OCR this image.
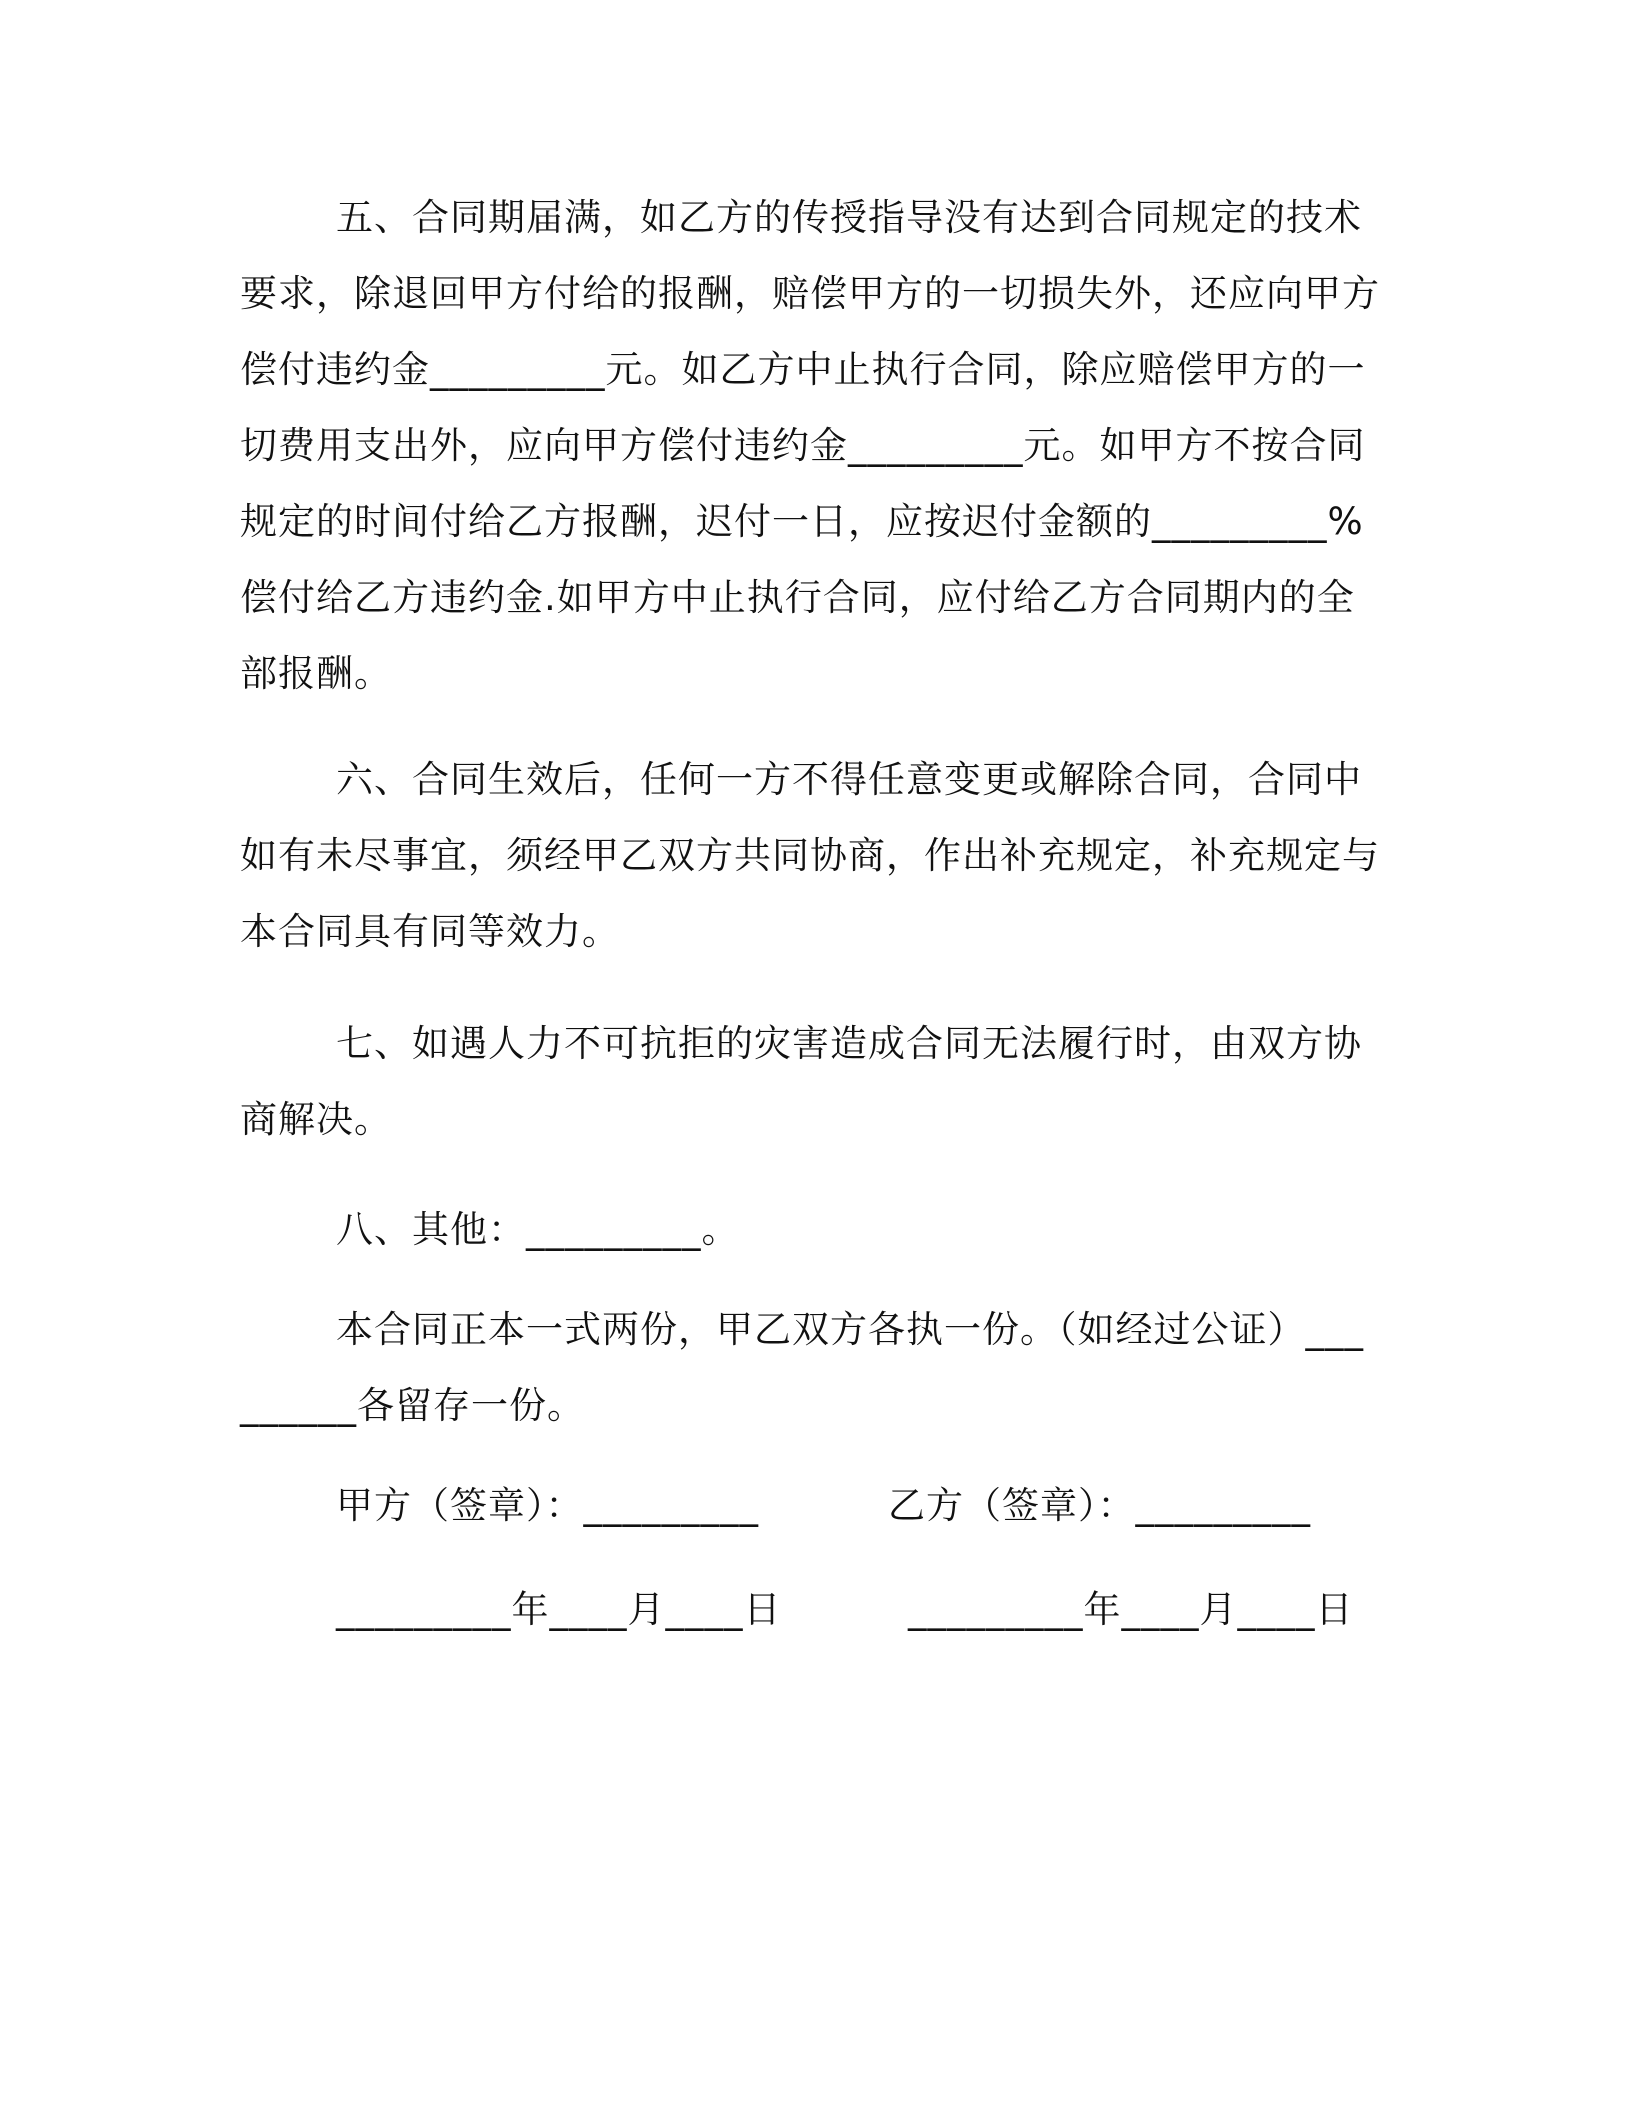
五、合同期届满，如乙方的传授指导没有达到合同规定的技术要求，除退回甲方付给的报酬，赔偿甲方的一切损失外，还应向甲方偿付违约金_________元。如乙方中止执行合同，除应赔偿甲方的一切费用支出外，应向甲方偿付违约金_________元。如甲方不按合同规定的时间付给乙方报酬，迟付一日，应按迟付金额的_________%偿付给乙方违约金.如甲方中止执行合同，应付给乙方合同期内的全部报酬。
六、合同生效后，任何一方不得任意变更或解除合同，合同中如有未尽事宜，须经甲乙双方共同协商，作出补充规定，补充规定与本合同具有同等效力。
七、如遇人力不可抗拒的灾害造成合同无法履行时，由双方协商解决。
八、其他：_________。
本合同正本一式两份，甲乙双方各执一份。（如经过公证）_________各留存一份。
甲方（签章）：_________	乙方（签章）：_________
_________年____月____日	_________年____月____日
